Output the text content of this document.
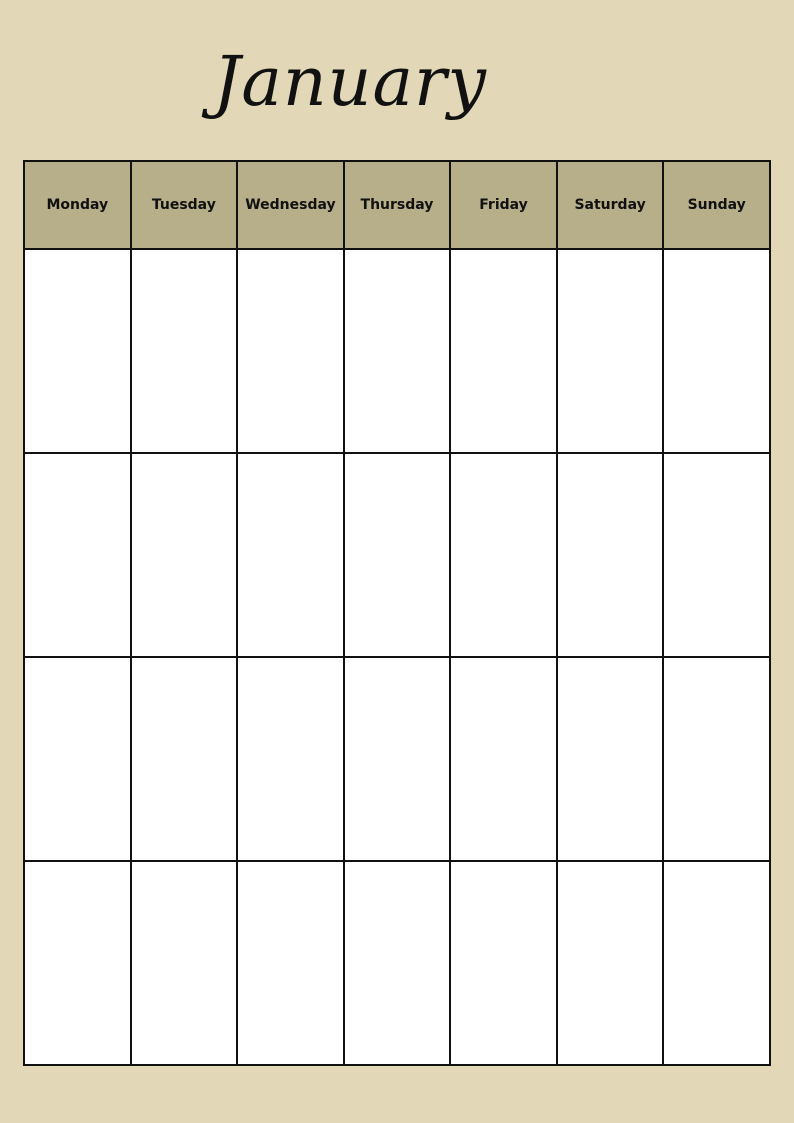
January
Monday	Tuesday	Wednesday	Thursday	Friday	Saturday	Sunday
